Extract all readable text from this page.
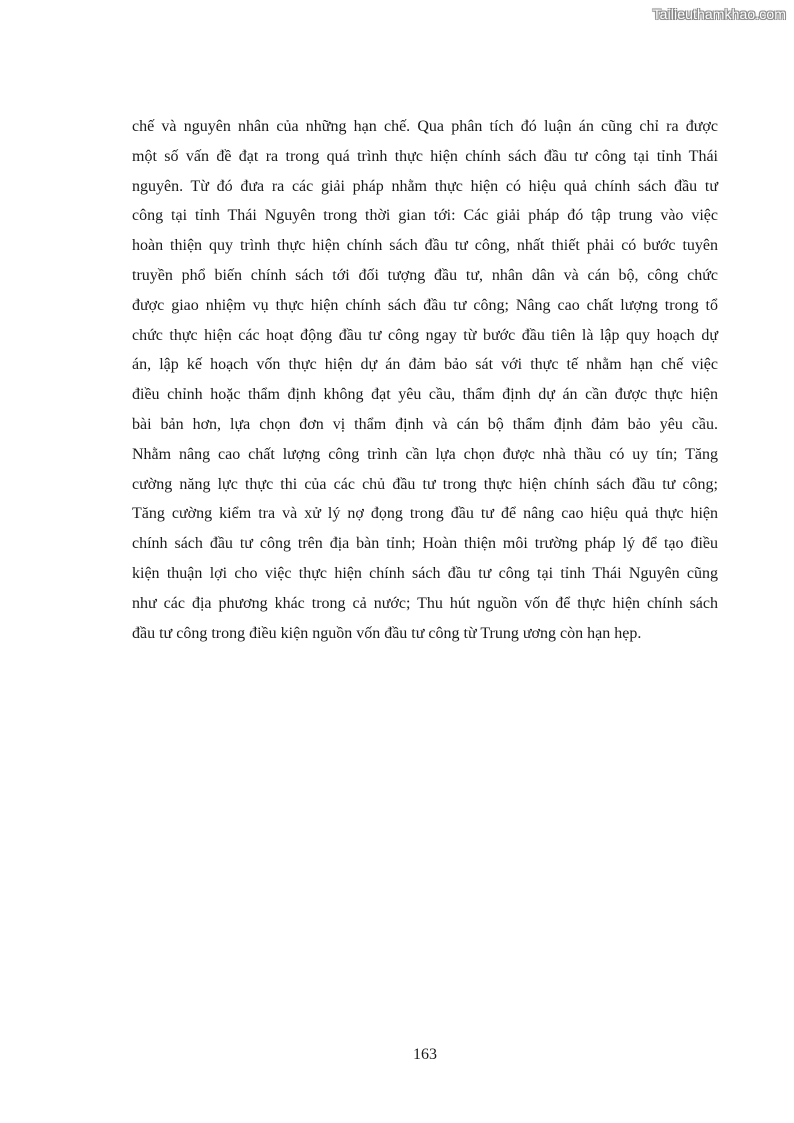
Tailieuthamkhao.com
chế và nguyên nhân của những hạn chế. Qua phân tích đó luận án cũng chỉ ra được
một số vấn đề đạt ra trong quá trình thực hiện chính sách đầu tư công tại tỉnh Thái
nguyên. Từ đó đưa ra các giải pháp nhằm thực hiện có hiệu quả chính sách đầu tư
công tại tỉnh Thái Nguyên trong thời gian tới: Các giải pháp đó tập trung vào việc
hoàn thiện quy trình thực hiện chính sách đầu tư công, nhất thiết phải có bước tuyên
truyền phổ biến chính sách tới đối tượng đầu tư, nhân dân và cán bộ, công chức
được giao nhiệm vụ thực hiện chính sách đầu tư công; Nâng cao chất lượng trong tổ
chức thực hiện các hoạt động đầu tư công ngay từ bước đầu tiên là lập quy hoạch dự
án, lập kế hoạch vốn thực hiện dự án đảm bảo sát với thực tế nhằm hạn chế việc
điều chỉnh hoặc thẩm định không đạt yêu cầu, thẩm định dự án cần được thực hiện
bài bản hơn, lựa chọn đơn vị thẩm định và cán bộ thẩm định đảm bảo yêu cầu.
Nhằm nâng cao chất lượng công trình cần lựa chọn được nhà thầu có uy tín; Tăng
cường năng lực thực thi của các chủ đầu tư trong thực hiện chính sách đầu tư công;
Tăng cường kiểm tra và xử lý nợ đọng trong đầu tư để nâng cao hiệu quả thực hiện
chính sách đầu tư công trên địa bàn tỉnh; Hoàn thiện môi trường pháp lý để tạo điều
kiện thuận lợi cho việc thực hiện chính sách đầu tư công tại tỉnh Thái Nguyên cũng
như các địa phương khác trong cả nước; Thu hút nguồn vốn để thực hiện chính sách
đầu tư công trong điều kiện nguồn vốn đầu tư công từ Trung ương còn hạn hẹp.
163
